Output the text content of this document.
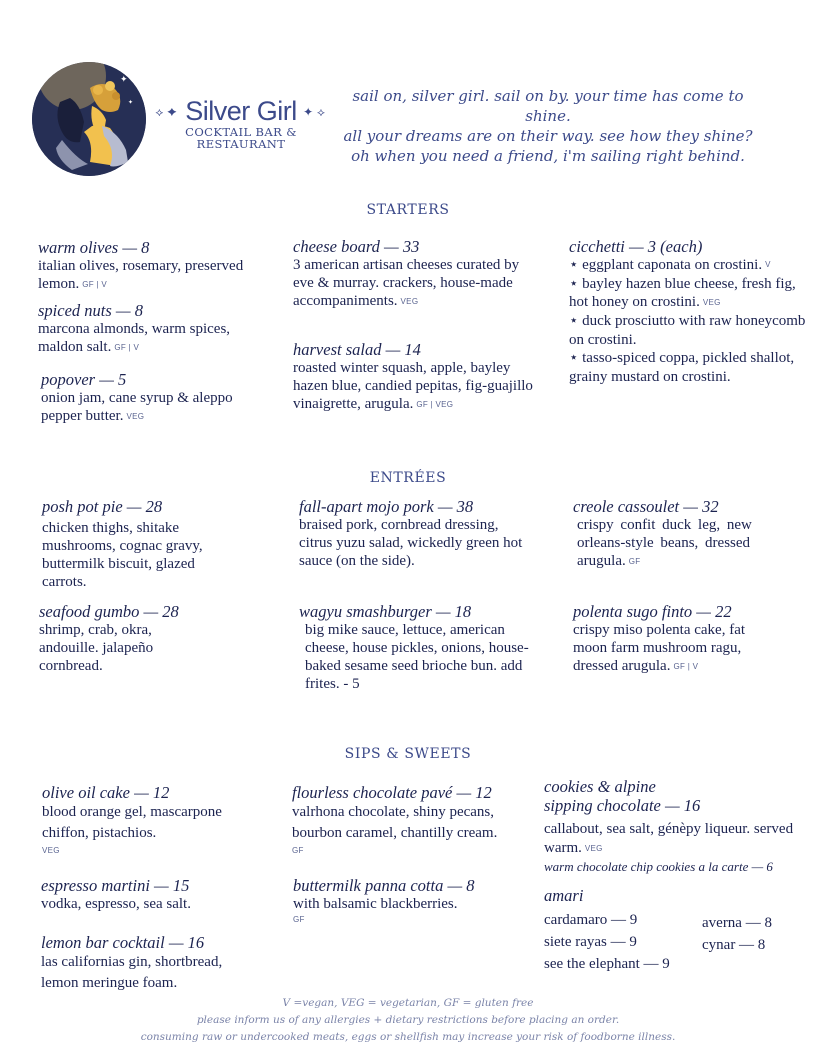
✦
✦
⟡ ✦ Silver Girl
COCKTAIL BAR &
RESTAURANT
✦ ⟡
sail on, silver girl. sail on by. your time has come to shine.
all your dreams are on their way. see how they shine?
oh when you need a friend, i'm sailing right behind.
STARTERS
warm olives — 8
italian olives, rosemary, preserved lemon. GF | V
spiced nuts — 8
marcona almonds, warm spices, maldon salt. GF | V
popover — 5
onion jam, cane syrup & aleppo pepper butter. VEG
cheese board — 33
3 american artisan cheeses curated by eve & murray. crackers, house-made accompaniments. VEG
harvest salad — 14
roasted winter squash, apple, bayley hazen blue, candied pepitas, fig-guajillo vinaigrette, arugula. GF | VEG
cicchetti — 3 (each)
⋆ eggplant caponata on crostini. V
⋆ bayley hazen blue cheese, fresh fig, hot honey on crostini. VEG
⋆ duck prosciutto with raw honeycomb on crostini.
⋆ tasso-spiced coppa, pickled shallot, grainy mustard on crostini.
ENTRÉES
posh pot pie — 28
chicken thighs, shitake mushrooms, cognac gravy, buttermilk biscuit, glazed carrots.
seafood gumbo — 28
shrimp, crab, okra, andouille. jalapeño cornbread.
fall-apart mojo pork — 38
braised pork, cornbread dressing, citrus yuzu salad, wickedly green hot sauce (on the side).
wagyu smashburger — 18
big mike sauce, lettuce, american cheese, house pickles, onions, house-baked sesame seed brioche bun. add frites. - 5
creole cassoulet — 32
crispy confit duck leg, new orleans-style beans, dressed arugula. GF
polenta sugo finto — 22
crispy miso polenta cake, fat moon farm mushroom ragu, dressed arugula. GF | V
SIPS & SWEETS
olive oil cake — 12
blood orange gel, mascarpone chiffon, pistachios.
VEG
espresso martini — 15
vodka, espresso, sea salt.
lemon bar cocktail — 16
las californias gin, shortbread, lemon meringue foam.
flourless chocolate pavé — 12
valrhona chocolate, shiny pecans, bourbon caramel, chantilly cream.
GF
buttermilk panna cotta — 8
with balsamic blackberries.
GF
cookies & alpine
sipping chocolate — 16
callabout, sea salt, génèpy liqueur. served warm. VEG
warm chocolate chip cookies a la carte — 6
amari
cardamaro — 9
siete rayas — 9
see the elephant — 9
averna — 8
cynar — 8
V =vegan, VEG = vegetarian, GF = gluten free
please inform us of any allergies + dietary restrictions before placing an order.
consuming raw or undercooked meats, eggs or shellfish may increase your risk of foodborne illness.
